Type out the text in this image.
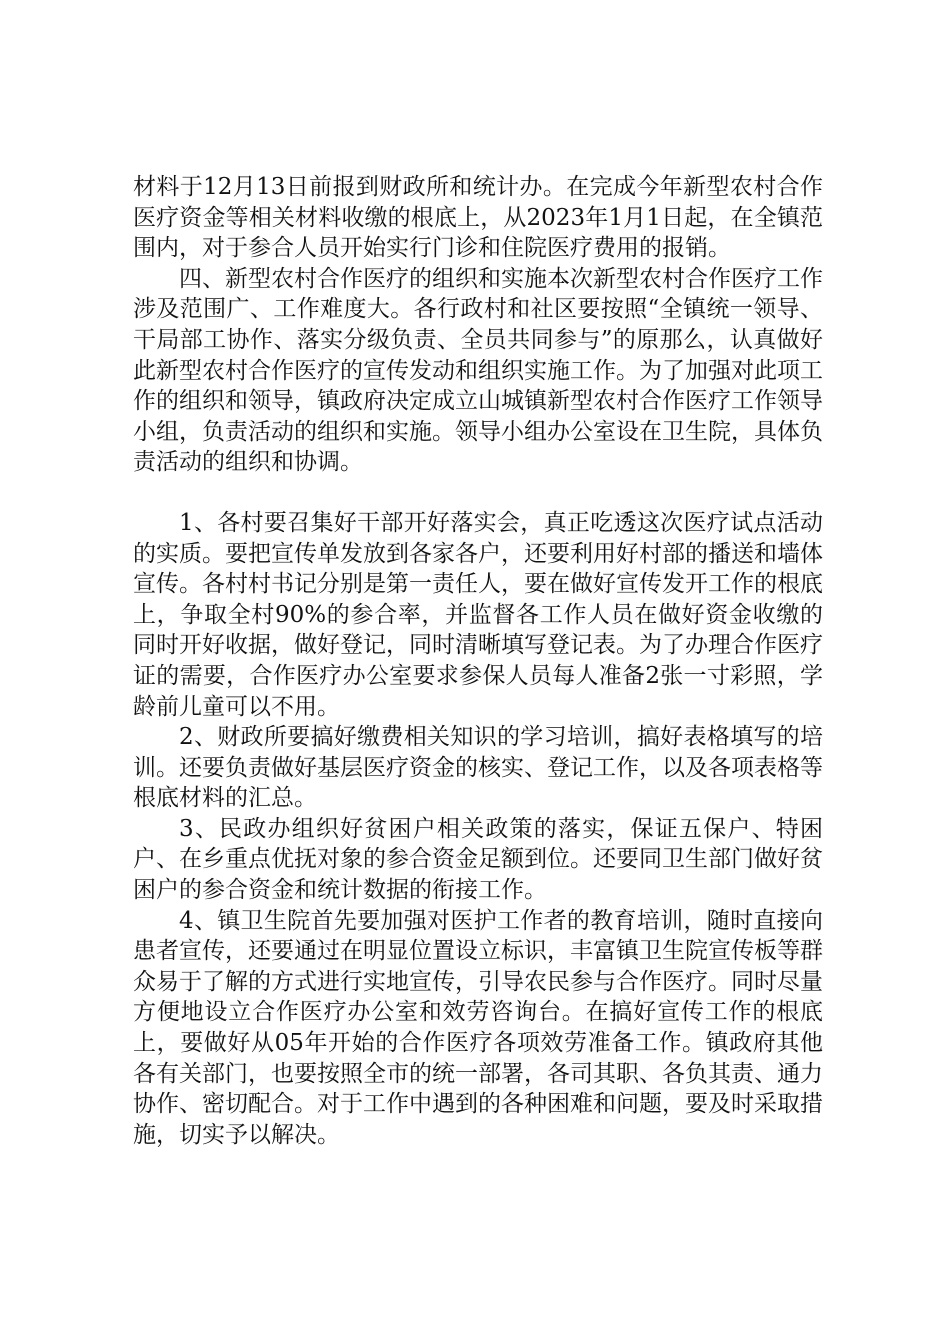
材料于12月13日前报到财政所和统计办。在完成今年新型农村合作医疗资金等相关材料收缴的根底上，从2023年1月1日起，在全镇范围内，对于参合人员开始实行门诊和住院医疗费用的报销。

四、新型农村合作医疗的组织和实施本次新型农村合作医疗工作涉及范围广、工作难度大。各行政村和社区要按照“全镇统一领导、干局部工协作、落实分级负责、全员共同参与”的原那么，认真做好此新型农村合作医疗的宣传发动和组织实施工作。为了加强对此项工作的组织和领导，镇政府决定成立山城镇新型农村合作医疗工作领导小组，负责活动的组织和实施。领导小组办公室设在卫生院，具体负责活动的组织和协调。

1、各村要召集好干部开好落实会，真正吃透这次医疗试点活动的实质。要把宣传单发放到各家各户，还要利用好村部的播送和墙体宣传。各村村书记分别是第一责任人，要在做好宣传发开工作的根底上，争取全村90%的参合率，并监督各工作人员在做好资金收缴的同时开好收据，做好登记，同时清晰填写登记表。为了办理合作医疗证的需要，合作医疗办公室要求参保人员每人准备2张一寸彩照，学龄前儿童可以不用。

2、财政所要搞好缴费相关知识的学习培训，搞好表格填写的培训。还要负责做好基层医疗资金的核实、登记工作，以及各项表格等根底材料的汇总。

3、民政办组织好贫困户相关政策的落实，保证五保户、特困户、在乡重点优抚对象的参合资金足额到位。还要同卫生部门做好贫困户的参合资金和统计数据的衔接工作。

4、镇卫生院首先要加强对医护工作者的教育培训，随时直接向患者宣传，还要通过在明显位置设立标识，丰富镇卫生院宣传板等群众易于了解的方式进行实地宣传，引导农民参与合作医疗。同时尽量方便地设立合作医疗办公室和效劳咨询台。在搞好宣传工作的根底上，要做好从05年开始的合作医疗各项效劳准备工作。镇政府其他各有关部门，也要按照全市的统一部署，各司其职、各负其责、通力协作、密切配合。对于工作中遇到的各种困难和问题，要及时采取措施，切实予以解决。
